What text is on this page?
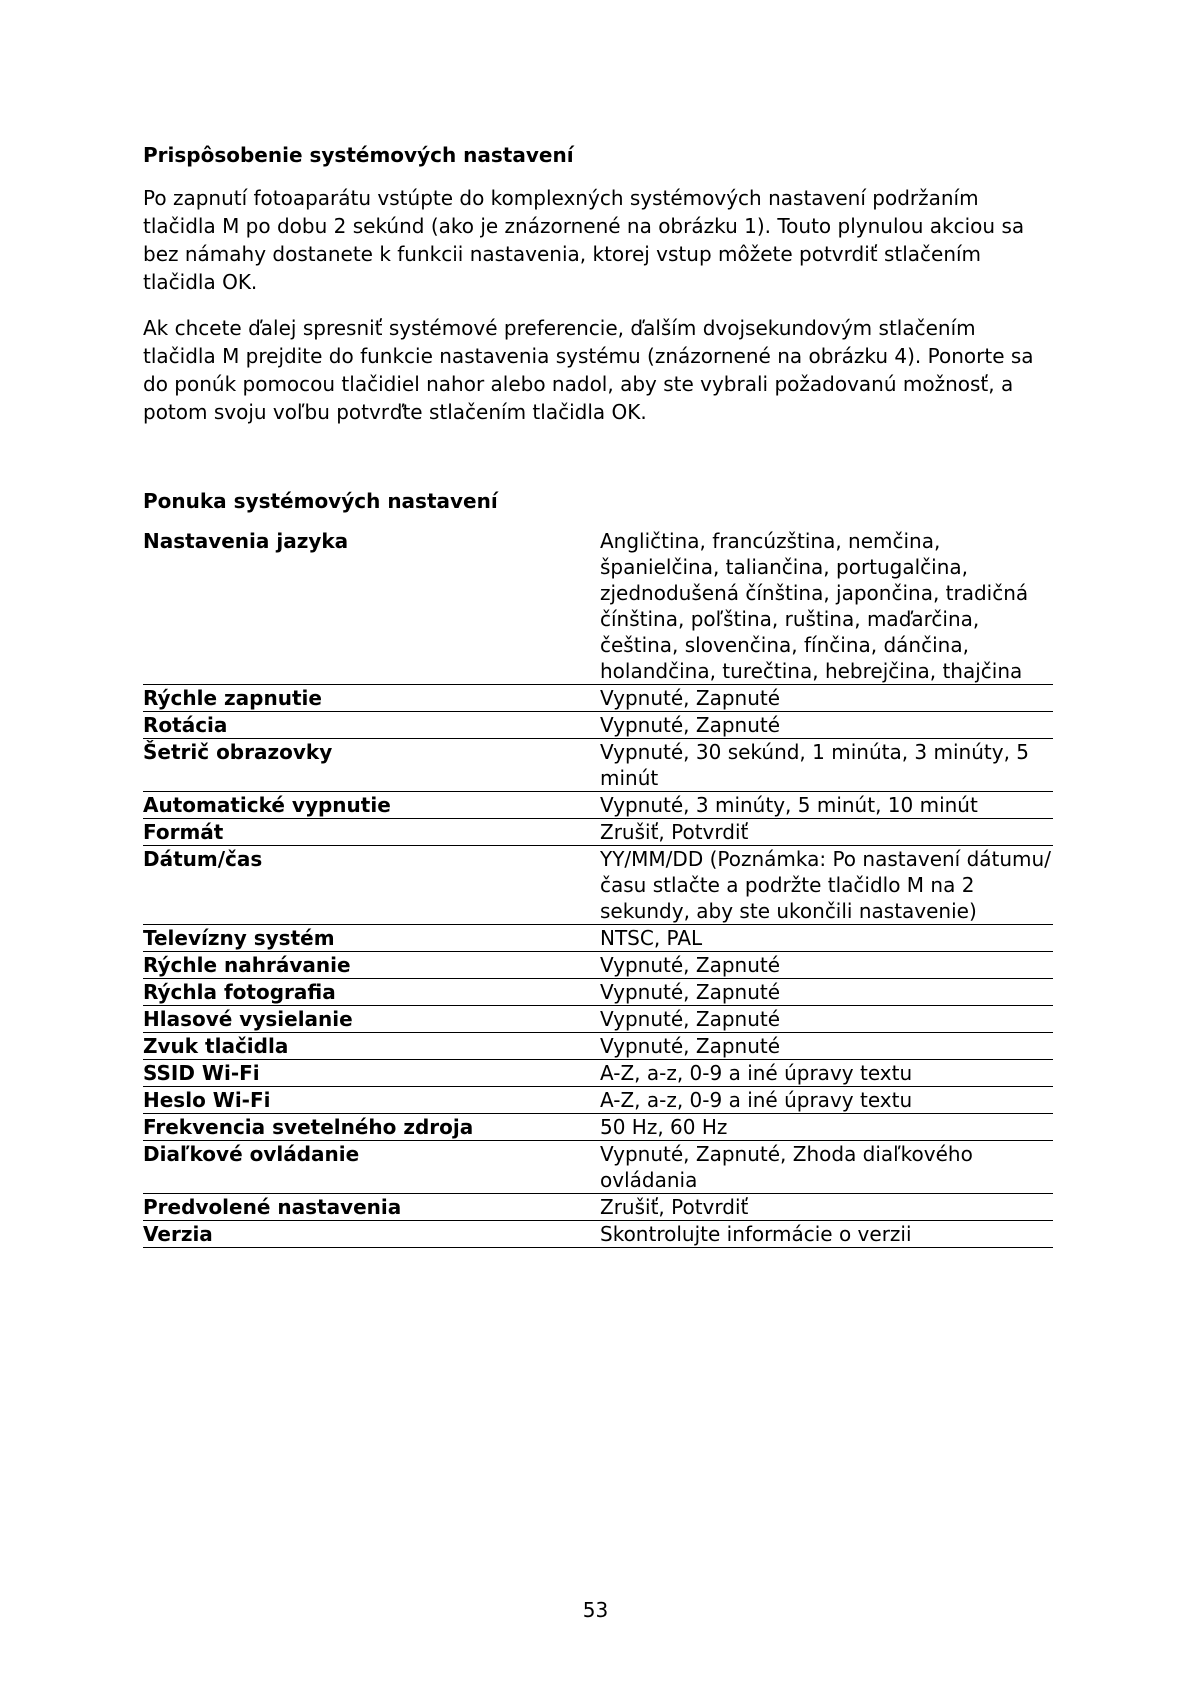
Prispôsobenie systémových nastavení

Po zapnutí fotoaparátu vstúpte do komplexných systémových nastavení podržaním tlačidla M po dobu 2 sekúnd (ako je znázornené na obrázku 1). Touto plynulou akciou sa bez námahy dostanete k funkcii nastavenia, ktorej vstup môžete potvrdiť stlačením tlačidla OK.

Ak chcete ďalej spresniť systémové preferencie, ďalším dvojsekundovým stlačením tlačidla M prejdite do funkcie nastavenia systému (znázornené na obrázku 4). Ponorte sa do ponúk pomocou tlačidiel nahor alebo nadol, aby ste vybrali požadovanú možnosť, a potom svoju voľbu potvrďte stlačením tlačidla OK.

Ponuka systémových nastavení
Nastavenia jazyka	Angličtina, francúzština, nemčina, španielčina, taliančina, portugalčina, zjednodušená čínština, japončina, tradičná čínština, poľština, ruština, maďarčina, čeština, slovenčina, fínčina, dánčina, holandčina, turečtina, hebrejčina, thajčina
Rýchle zapnutie	Vypnuté, Zapnuté
Rotácia	Vypnuté, Zapnuté
Šetrič obrazovky	Vypnuté, 30 sekúnd, 1 minúta, 3 minúty, 5 minút
Automatické vypnutie	Vypnuté, 3 minúty, 5 minút, 10 minút
Formát	Zrušiť, Potvrdiť
Dátum/čas	YY/MM/DD (Poznámka: Po nastavení dátumu/času stlačte a podržte tlačidlo M na 2 sekundy, aby ste ukončili nastavenie)
Televízny systém	NTSC, PAL
Rýchle nahrávanie	Vypnuté, Zapnuté
Rýchla fotografia	Vypnuté, Zapnuté
Hlasové vysielanie	Vypnuté, Zapnuté
Zvuk tlačidla	Vypnuté, Zapnuté
SSID Wi-Fi	A-Z, a-z, 0-9 a iné úpravy textu
Heslo Wi-Fi	A-Z, a-z, 0-9 a iné úpravy textu
Frekvencia svetelného zdroja	50 Hz, 60 Hz
Diaľkové ovládanie	Vypnuté, Zapnuté, Zhoda diaľkového ovládania
Predvolené nastavenia	Zrušiť, Potvrdiť
Verzia	Skontrolujte informácie o verzii
53
